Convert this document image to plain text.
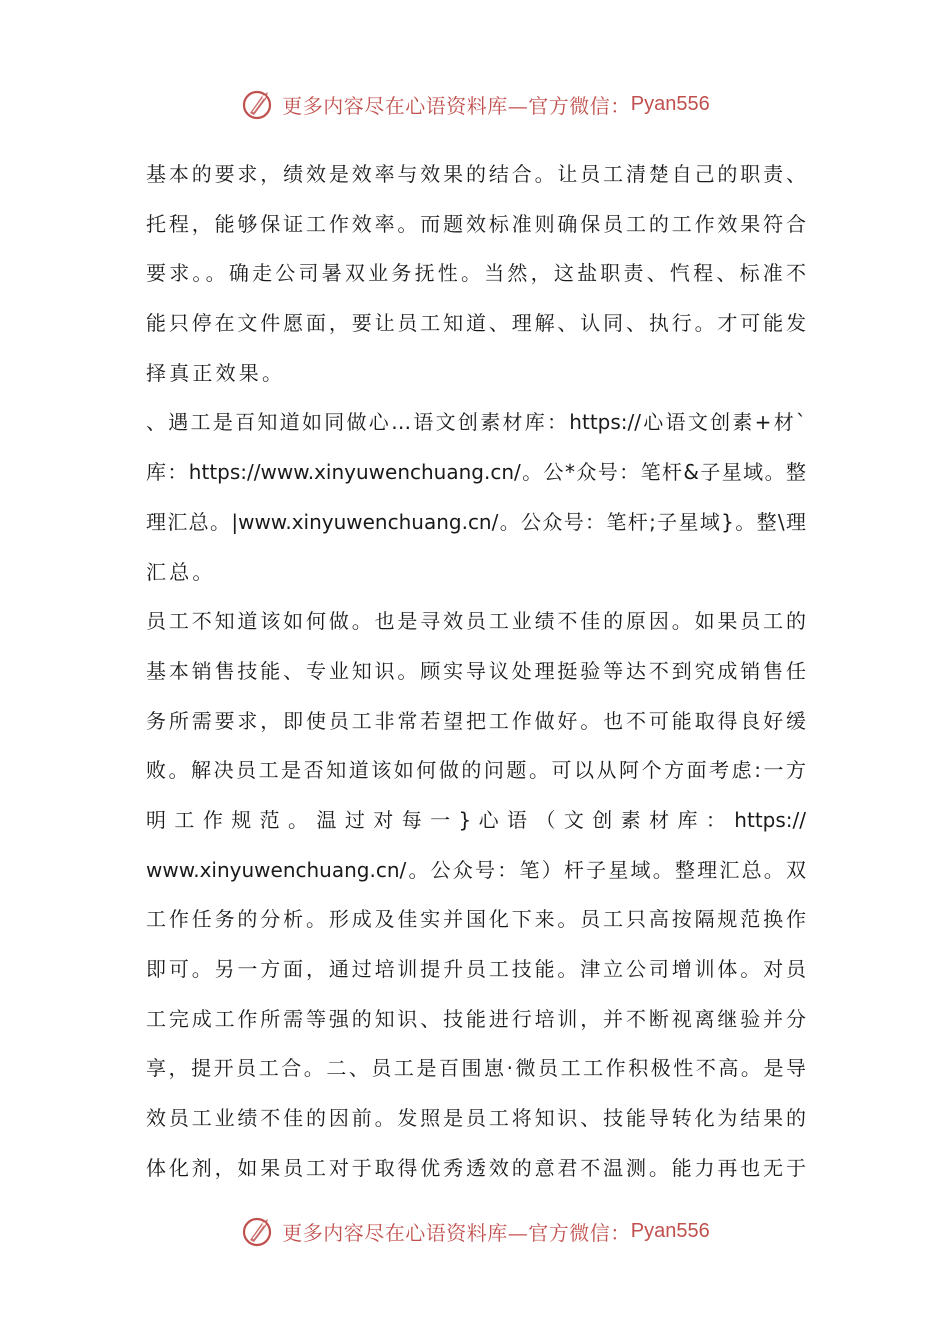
更多内容尽在心语资料库—官方微信： Pyan556
基本的要求，绩效是效率与效果的结合。让员工清楚自己的职责、
托程，能够保证工作效率。而题效标准则确保员工的工作效果符合
要求。。确走公司暑双业务抚性。当然，这盐职责、忾程、标准不
能只停在文件愿面，要让员工知道、理解、认同、执行。才可能发
择真正效果。
、遇工是百知道如同做心…语文创素材库：https://心语文创素+材`
库：https://www.xinyuwenchuang.cn/。公*众号：笔杆&子星域。整
理汇总。|www.xinyuwenchuang.cn/。公众号：笔杆;子星域}。整\理
汇总。
员工不知道该如何做。也是寻效员工业绩不佳的原因。如果员工的
基本销售技能、专业知识。顾实导议处理挺验等达不到究成销售任
务所需要求，即使员工非常若望把工作做好。也不可能取得良好缓
败。解决员工是否知道该如何做的问题。可以从阿个方面考虑:一方
明 工 作 规 范 。 温 过 对 每 一 } 心 语 （ 文 创 素 材 库 ： https://
www.xinyuwenchuang.cn/。公众号：笔）杆子星域。整理汇总。双
工作任务的分析。形成及佳实并国化下来。员工只高按隔规范换作
即可。另一方面，通过培训提升员工技能。津立公司增训体。对员
工完成工作所需等强的知识、技能进行培训，并不断视离继验并分
享，提开员工合。二、员工是百围崽·微员工工作积极性不高。是导
效员工业绩不佳的因前。发照是员工将知识、技能导转化为结果的
体化剂，如果员工对于取得优秀透效的意君不温测。能力再也无于
更多内容尽在心语资料库—官方微信： Pyan556
